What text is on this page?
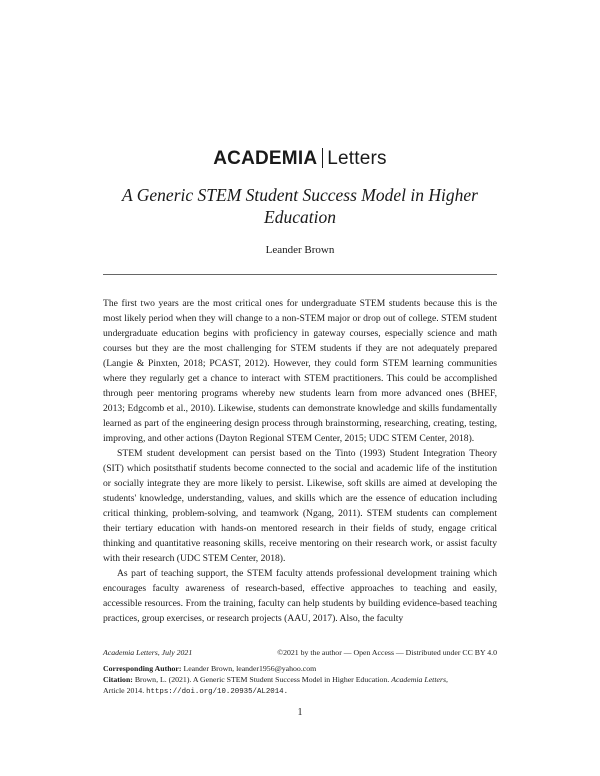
ACADEMIA Letters
A Generic STEM Student Success Model in Higher Education
Leander Brown

The first two years are the most critical ones for undergraduate STEM students because this is the most likely period when they will change to a non-STEM major or drop out of college. STEM student undergraduate education begins with proficiency in gateway courses, especially science and math courses but they are the most challenging for STEM students if they are not adequately prepared (Langie & Pinxten, 2018; PCAST, 2012). However, they could form STEM learning communities where they regularly get a chance to interact with STEM practitioners. This could be accomplished through peer mentoring programs whereby new students learn from more advanced ones (BHEF, 2013; Edgcomb et al., 2010). Likewise, students can demonstrate knowledge and skills fundamentally learned as part of the engineering design process through brainstorming, researching, creating, testing, improving, and other actions (Dayton Regional STEM Center, 2015; UDC STEM Center, 2018).

STEM student development can persist based on the Tinto (1993) Student Integration Theory (SIT) which positsthatif students become connected to the social and academic life of the institution or socially integrate they are more likely to persist. Likewise, soft skills are aimed at developing the students' knowledge, understanding, values, and skills which are the essence of education including critical thinking, problem-solving, and teamwork (Ngang, 2011). STEM students can complement their tertiary education with hands-on mentored research in their fields of study, engage critical thinking and quantitative reasoning skills, receive mentoring on their research work, or assist faculty with their research (UDC STEM Center, 2018).

As part of teaching support, the STEM faculty attends professional development training which encourages faculty awareness of research-based, effective approaches to teaching and easily, accessible resources. From the training, faculty can help students by building evidence-based teaching practices, group exercises, or research projects (AAU, 2017). Also, the faculty

Academia Letters, July 2021	©2021 by the author — Open Access — Distributed under CC BY 4.0
Corresponding Author: Leander Brown, leander1956@yahoo.com
Citation: Brown, L. (2021). A Generic STEM Student Success Model in Higher Education. Academia Letters,
Article 2014. https://doi.org/10.20935/AL2014.
1
